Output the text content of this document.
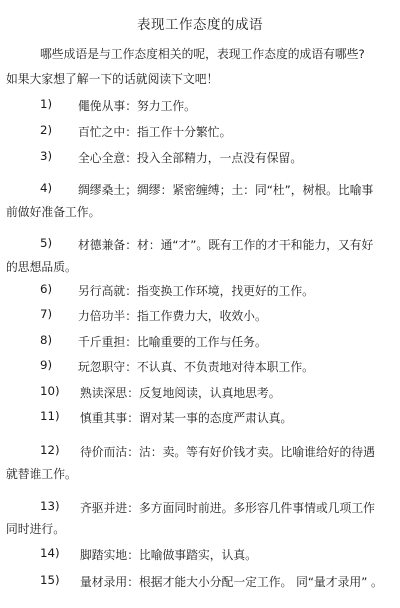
表现工作态度的成语
哪些成语是与工作态度相关的呢，表现工作态度的成语有哪些?
如果大家想了解一下的话就阅读下文吧！
1) 僶俛从事：努力工作。
2) 百忙之中：指工作十分繁忙。
3) 全心全意：投入全部精力，一点没有保留。
4) 绸缪桑土；绸缪：紧密缠缚；土：同“杜”，树根。比喻事
前做好准备工作。
5) 材德兼备：材：通“才”。既有工作的才干和能力，又有好
的思想品质。
6) 另行高就：指变换工作环境，找更好的工作。
7) 力倍功半：指工作费力大，收效小。
8) 千斤重担：比喻重要的工作与任务。
9) 玩忽职守：不认真、不负责地对待本职工作。
10) 熟读深思：反复地阅读，认真地思考。
11) 慎重其事：谓对某一事的态度严肃认真。
12) 待价而沽：沽：卖。等有好价钱才卖。比喻谁给好的待遇
就替谁工作。
13) 齐驱并进：多方面同时前进。多形容几件事情或几项工作
同时进行。
14) 脚踏实地：比喻做事踏实，认真。
15) 量材录用：根据才能大小分配一定工作。 同“量才录用” 。
